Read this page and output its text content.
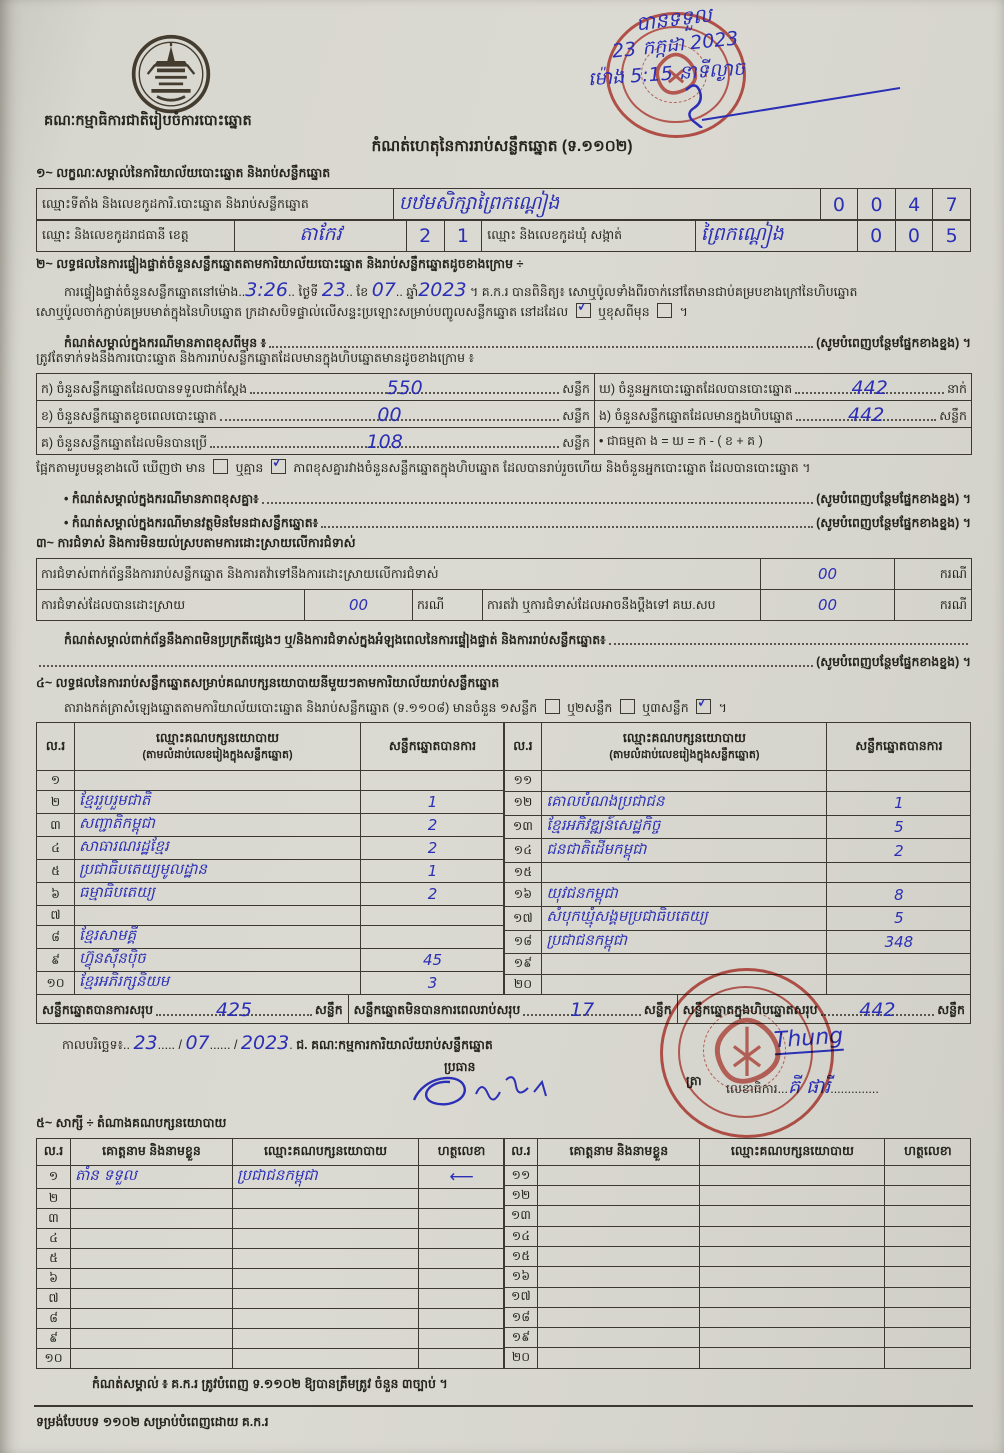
គណៈកម្មាធិការជាតិរៀបចំការបោះឆ្នោត
កំណត់ហេតុនៃការរាប់សន្លឹកឆ្នោត (ទ.១១០២)
បានទទួល
23 កក្កដា 2023
ម៉ោង 5:15 នាទីល្ងាច
១~ លក្ខណៈសម្គាល់នៃការិយាល័យបោះឆ្នោត និងរាប់សន្លឹកឆ្នោត
ឈ្មោះទីតាំង និងលេខកូដការិ.បោះឆ្នោត និងរាប់សន្លឹកឆ្នោត	បឋមសិក្សាព្រៃកណ្ដៀង	0 0 4 7
ឈ្មោះ និងលេខកូដរាជធានី ខេត្ត	តាកែវ	2 1	ឈ្មោះ និងលេខកូដឃុំ សង្កាត់	ព្រៃកណ្ដៀង	0 0 5
២~ លទ្ធផលនៃការផ្ទៀងផ្ទាត់ចំនួនសន្លឹកឆ្នោតតាមការិយាល័យបោះឆ្នោត និងរាប់សន្លឹកឆ្នោតដូចខាងក្រោម ÷
ការផ្ទៀងផ្ទាត់ចំនួនសន្លឹកឆ្នោតនៅម៉ោង..3:26.. ថ្ងៃទី 23.. ខែ 07.. ឆ្នាំ2023 ។ គ.ក.រ បានពិនិត្យ៖ សោឬប៉ូលទាំងពីរចាក់នៅតែមានជាប់គម្របខាងក្រៅនៃហិបឆ្នោត
សោឬប៉ូលចាក់ភ្ជាប់គម្របមាត់ក្នុងនៃហិបឆ្នោត ក្រដាសបិទផ្ទាល់លើសន្ទះប្រឡោះសម្រាប់បញ្ចូលសន្លឹកឆ្នោត នៅដដែល ✓ ឬខុសពីមុន ។
កំណត់សម្គាល់ក្នុងករណីមានភាពខុសពីមុន ៖	(សូមបំពេញបន្ថែមផ្នែកខាងខ្នង) ។
ត្រូវតែទាក់ទងនឹងការបោះឆ្នោត និងការរាប់សន្លឹកឆ្នោតដែលមានក្នុងហិបឆ្នោតមានដូចខាងក្រោម ៖
ក) ចំនួនសន្លឹកឆ្នោតដែលបានទទួលជាក់ស្ដែង 550 សន្លឹក	ឃ) ចំនួនអ្នកបោះឆ្នោតដែលបានបោះឆ្នោត 442 នាក់

ខ) ចំនួនសន្លឹកឆ្នោតខូចពេលបោះឆ្នោត 00 សន្លឹក	ង) ចំនួនសន្លឹកឆ្នោតដែលមានក្នុងហិបឆ្នោត 442 សន្លឹក

គ) ចំនួនសន្លឹកឆ្នោតដែលមិនបានប្រើ 108 សន្លឹក	• ជាធម្មតា ង = ឃ = ក - ( ខ + គ )
ផ្អែកតាមរូបមន្តខាងលើ ឃើញថា មាន ឬគ្មាន ✓ ភាពខុសគ្នារវាងចំនួនសន្លឹកឆ្នោតក្នុងហិបឆ្នោត ដែលបានរាប់រួចហើយ និងចំនួនអ្នកបោះឆ្នោត ដែលបានបោះឆ្នោត ។
• កំណត់សម្គាល់ក្នុងករណីមានភាពខុសគ្នា៖	(សូមបំពេញបន្ថែមផ្នែកខាងខ្នង) ។
• កំណត់សម្គាល់ក្នុងករណីមានវត្ថុមិនមែនជាសន្លឹកឆ្នោត៖	(សូមបំពេញបន្ថែមផ្នែកខាងខ្នង) ។
៣~ ការជំទាស់ និងការមិនយល់ស្របតាមការដោះស្រាយលើការជំទាស់
ការជំទាស់ពាក់ព័ន្ធនឹងការរាប់សន្លឹកឆ្នោត និងការតវ៉ាទៅនឹងការដោះស្រាយលើការជំទាស់				00	ករណី
ការជំទាស់ដែលបានដោះស្រាយ	00	ករណី	ការតវ៉ា ឬការជំទាស់ដែលអាចនឹងប្ដឹងទៅ គឃ.សប	00	ករណី
កំណត់សម្គាល់ពាក់ព័ន្ធនឹងភាពមិនប្រក្រតីផ្សេងៗ ឬ/និងការជំទាស់ក្នុងអំឡុងពេលនៃការផ្ទៀងផ្ទាត់ និងការរាប់សន្លឹកឆ្នោត៖
(សូមបំពេញបន្ថែមផ្នែកខាងខ្នង) ។
៤~ លទ្ធផលនៃការរាប់សន្លឹកឆ្នោតសម្រាប់គណបក្សនយោបាយនីមួយៗតាមការិយាល័យរាប់សន្លឹកឆ្នោត
តារាងកត់ត្រាសំឡេងឆ្នោតតាមការិយាល័យបោះឆ្នោត និងរាប់សន្លឹកឆ្នោត (ទ.១១០៨) មានចំនួន ១សន្លឹក ឬ២សន្លឹក ឬ៣សន្លឹក ✓ ។
ល.រ	ឈ្មោះគណបក្សនយោបាយ
(តាមលំដាប់លេខរៀងក្នុងសន្លឹកឆ្នោត)	សន្លឹកឆ្នោតបានការ
១		
២	ខ្មែររួបរួមជាតិ	1
៣	សញ្ជាតិកម្ពុជា	2
៤	សាធារណរដ្ឋខ្មែរ	2
៥	ប្រជាធិបតេយ្យមូលដ្ឋាន	1
៦	ធម្មាធិបតេយ្យ	2
៧		
៨	ខ្មែរសាមគ្គី	
៩	ហ៊្វុនស៊ីនប៉ិច	45
១០	ខ្មែរអភិរក្សនិយម	3
ល.រ	ឈ្មោះគណបក្សនយោបាយ
(តាមលំដាប់លេខរៀងក្នុងសន្លឹកឆ្នោត)	សន្លឹកឆ្នោតបានការ
១១		
១២	គោលបំណងប្រជាជន	1
១៣	ខ្មែរអភិវឌ្ឍន៍សេដ្ឋកិច្ច	5
១៤	ជនជាតិដើមកម្ពុជា	2
១៥		
១៦	យុវជនកម្ពុជា	8
១៧	សំបុកឃ្មុំសង្គមប្រជាធិបតេយ្យ	5
១៨	ប្រជាជនកម្ពុជា	348
១៩		
២០		
សន្លឹកឆ្នោតបានការសរុប	425	សន្លឹក សន្លឹកឆ្នោតមិនបានការពេលរាប់សរុប	17	សន្លឹក សន្លឹកឆ្នោតក្នុងហិបឆ្នោតសរុប 442	សន្លឹក
កាលបរិច្ឆេទ៖.. 23..... / 07...... / 2023. ជ. គណៈកម្មការការិយាល័យរាប់សន្លឹកឆ្នោត
ប្រធាន
ត្រា
Thung
លេខាធិការ...គី ផារី..............
៥~ សាក្សី ÷ តំណាងគណបក្សនយោបាយ
ល.រ	គោត្តនាម និងនាមខ្លួន	ឈ្មោះគណបក្សនយោបាយ	ហត្ថលេខា
១	តាំន ទទួល	ប្រជាជនកម្ពុជា	⟵
២			
៣			
៤			
៥			
៦			
៧			
៨			
៩			
១០			
ល.រ	គោត្តនាម និងនាមខ្លួន	ឈ្មោះគណបក្សនយោបាយ	ហត្ថលេខា
១១			
១២			
១៣			
១៤			
១៥			
១៦			
១៧			
១៨			
១៩			
២០			
កំណត់សម្គាល់ ៖ គ.ក.រ ត្រូវបំពេញ ទ.១១០២ ឱ្យបានត្រឹមត្រូវ ចំនួន ៣ច្បាប់ ។
ទម្រង់បែបបទ ១១០២ សម្រាប់បំពេញដោយ គ.ក.រ
